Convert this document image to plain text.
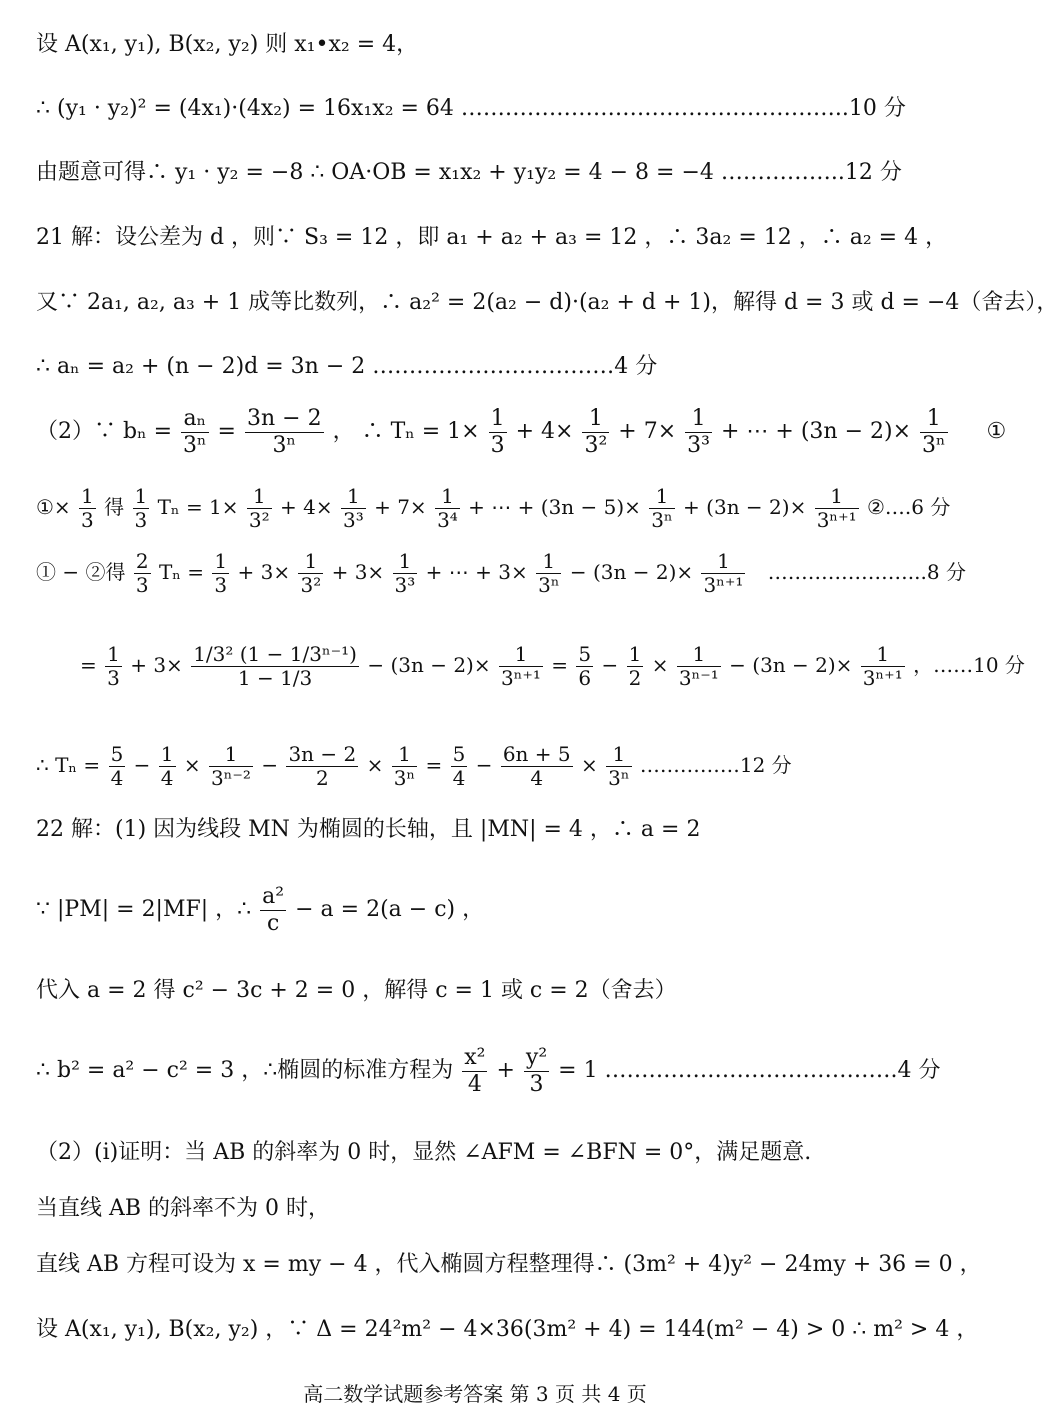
设 A(x₁, y₁), B(x₂, y₂) 则 x₁•x₂ = 4，
∴ (y₁ · y₂)² = (4x₁)·(4x₂) = 16x₁x₂ = 64 ……………………………………………..10 分
由题意可得∴ y₁ · y₂ = −8 ∴ OA·OB = x₁x₂ + y₁y₂ = 4 − 8 = −4 ……………..12 分
21 解：设公差为 d ，则∵ S₃ = 12 ，即 a₁ + a₂ + a₃ = 12 ，∴ 3a₂ = 12 ，∴ a₂ = 4 ，
又∵ 2a₁, a₂, a₃ + 1 成等比数列，∴ a₂² = 2(a₂ − d)·(a₂ + d + 1)，解得 d = 3 或 d = −4（舍去），
∴ aₙ = a₂ + (n − 2)d = 3n − 2 ……………………………4 分
（2）∵ $b_n = \frac{\text{aₙ}}{\text{3ⁿ}} = \frac{3n - 2}{\text{3ⁿ}}$ ， ∴ $T_n = 1\times \frac{1}{3} + 4\times \frac{1}{\text{3²}} + 7\times \frac{1}{\text{3³}}$ + ⋯ + $(3n - 2)\times \frac{1}{\text{3ⁿ}}$ ①
①× $\frac{1}{3}$ 得 $\frac{1}{3}$ $T_n = 1\times \frac{1}{\text{3²}} + 4\times \frac{1}{\text{3³}} + 7\times \frac{1}{\text{3⁴}}$ + ⋯ + $(3n - 5)\times \frac{1}{\text{3ⁿ}} + (3n - 2)\times \frac{1}{\text{3ⁿ⁺¹}}$ ②….6 分
① − ②得 $\frac{2}{3}$ $T_n = \frac{1}{3} + 3\times \frac{1}{\text{3²}} + 3\times \frac{1}{\text{3³}}$ + ⋯ + $3\times \frac{1}{\text{3ⁿ}} - (3n - 2)\times \frac{1}{\text{3ⁿ⁺¹}}$ …………………...8 分
= $\frac{1}{3} + 3\times \frac{\text{1/3² (1 − 1/3ⁿ⁻¹)}}{1 - 1/3} - (3n - 2)\times \frac{1}{\text{3ⁿ⁺¹}} = \frac{5}{6} - \frac{1}{2} \times \frac{1}{\text{3ⁿ⁻¹}} - (3n - 2)\times \frac{1}{\text{3ⁿ⁺¹}}$ ，……10 分
∴ $T_n = \frac{5}{4} - \frac{1}{4} \times \frac{1}{\text{3ⁿ⁻²}} - \frac{3n - 2}{2} \times \frac{1}{\text{3ⁿ}} = \frac{5}{4} - \frac{6n + 5}{4} \times \frac{1}{\text{3ⁿ}}$ ……………12 分
22 解：(1) 因为线段 MN 为椭圆的长轴，且 |MN| = 4 ，∴ a = 2
∵ |PM| = 2|MF| ，∴ $\frac{\text{a²}}{c} - a = 2(a - c)$ ，
代入 a = 2 得 c² − 3c + 2 = 0 ，解得 c = 1 或 c = 2（舍去）
∴ b² = a² − c² = 3 ，∴椭圆的标准方程为 $\frac{\text{x²}}{4} + \frac{\text{y²}}{3} = 1$ ………………………………….4 分
（2）(ⅰ)证明：当 AB 的斜率为 0 时，显然 ∠AFM = ∠BFN = 0°，满足题意.
当直线 AB 的斜率不为 0 时，
直线 AB 方程可设为 x = my − 4 ，代入椭圆方程整理得∴ (3m² + 4)y² − 24my + 36 = 0 ，
设 A(x₁, y₁), B(x₂, y₂) ，∵ Δ = 24²m² − 4×36(3m² + 4) = 144(m² − 4) > 0 ∴ m² > 4 ，
高二数学试题参考答案 第 3 页 共 4 页
